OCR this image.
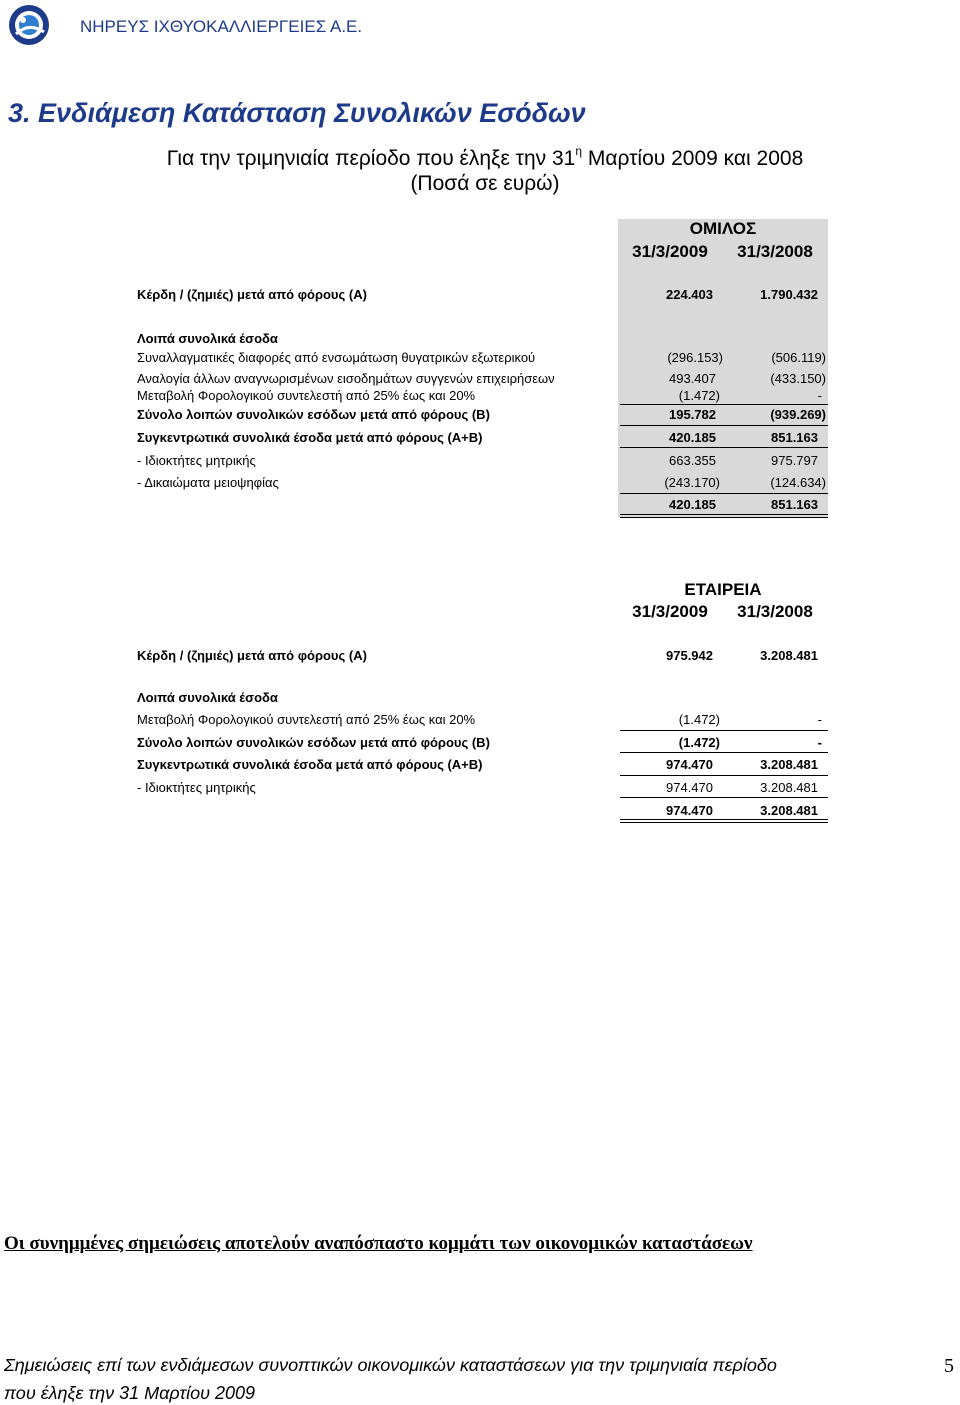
ΝΗΡΕΥΣ ΙΧΘΥΟΚΑΛΛΙΕΡΓΕΙΕΣ Α.Ε.
3. Ενδιάμεση Κατάσταση Συνολικών Εσόδων
Για την τριμηνιαία περίοδο που έληξε την $31^\eta$ Μαρτίου 2009 και 2008
(Ποσά σε ευρώ)
ΟΜΙΛΟΣ
31/3/2009	31/3/2008
Κέρδη / (ζημιές) μετά από φόρους (Α)	224.403	1.790.432
Λοιπά συνολικά έσοδα
Συναλλαγματικές διαφορές από ενσωμάτωση θυγατρικών εξωτερικού	(296.153)	(506.119)
Αναλογία άλλων αναγνωρισμένων εισοδημάτων συγγενών επιχειρήσεων	493.407	(433.150)
Μεταβολή Φορολογικού συντελεστή από 25% έως και 20%	(1.472)	-
Σύνολο λοιπών συνολικών εσόδων μετά από φόρους (Β)	195.782	(939.269)
Συγκεντρωτικά συνολικά έσοδα μετά από φόρους (Α+Β)	420.185	851.163
- Ιδιοκτήτες μητρικής	663.355	975.797
- Δικαιώματα μειοψηφίας	(243.170)	(124.634)
420.185	851.163
ΕΤΑΙΡΕΙΑ
31/3/2009	31/3/2008
Κέρδη / (ζημιές) μετά από φόρους (Α)	975.942	3.208.481
Λοιπά συνολικά έσοδα
Μεταβολή Φορολογικού συντελεστή από 25% έως και 20%	(1.472)	-
Σύνολο λοιπών συνολικών εσόδων μετά από φόρους (Β)	(1.472)	-
Συγκεντρωτικά συνολικά έσοδα μετά από φόρους (Α+Β)	974.470	3.208.481
- Ιδιοκτήτες μητρικής	974.470	3.208.481
974.470	3.208.481
Οι συνημμένες σημειώσεις αποτελούν αναπόσπαστο κομμάτι των οικονομικών καταστάσεων
Σημειώσεις επί των ενδιάμεσων συνοπτικών οικονομικών καταστάσεων για την τριμηνιαία περίοδο
που έληξε την 31 Μαρτίου 2009
5
